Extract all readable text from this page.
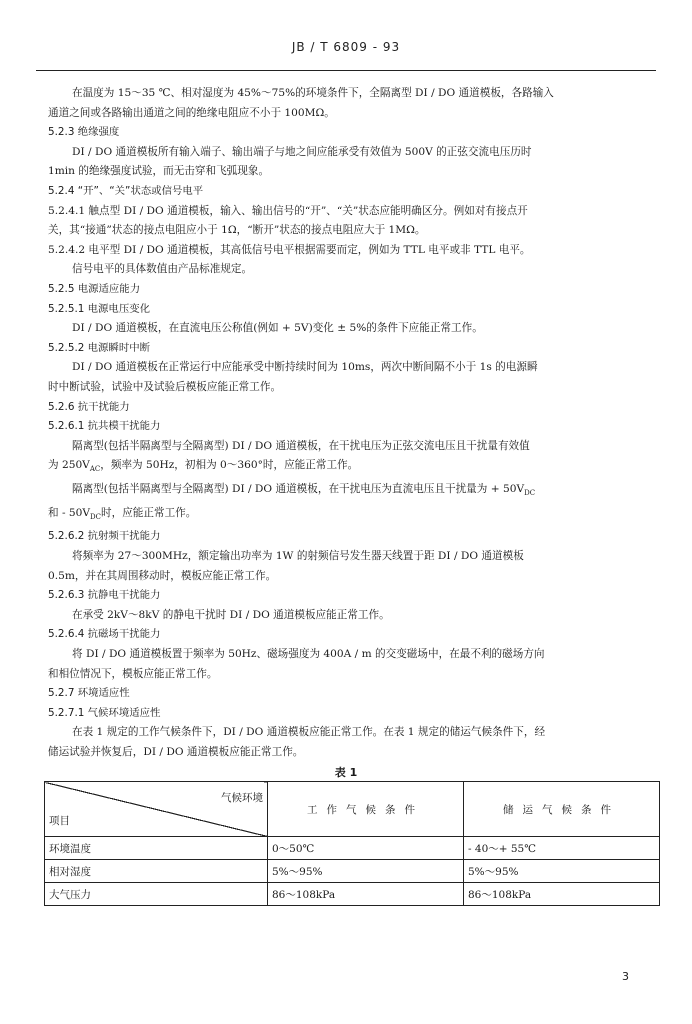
JB / T 6809 - 93

在温度为 15～35 ℃、相对湿度为 45%～75%的环境条件下，全隔离型 DI / DO 通道模板，各路输入

通道之间或各路输出通道之间的绝缘电阻应不小于 100MΩ。

5.2.3 绝缘强度

DI / DO 通道模板所有输入端子、输出端子与地之间应能承受有效值为 500V 的正弦交流电压历时

1min 的绝缘强度试验，而无击穿和飞弧现象。

5.2.4 “开”、“关”状态或信号电平

5.2.4.1 触点型 DI / DO 通道模板，输入、输出信号的“开”、“关”状态应能明确区分。例如对有接点开

关，其“接通”状态的接点电阻应小于 1Ω，“断开”状态的接点电阻应大于 1MΩ。

5.2.4.2 电平型 DI / DO 通道模板，其高低信号电平根据需要而定，例如为 TTL 电平或非 TTL 电平。

信号电平的具体数值由产品标准规定。

5.2.5 电源适应能力

5.2.5.1 电源电压变化

DI / DO 通道模板，在直流电压公称值(例如 + 5V)变化 ± 5%的条件下应能正常工作。

5.2.5.2 电源瞬时中断

DI / DO 通道模板在正常运行中应能承受中断持续时间为 10ms，两次中断间隔不小于 1s 的电源瞬

时中断试验，试验中及试验后模板应能正常工作。

5.2.6 抗干扰能力

5.2.6.1 抗共模干扰能力

隔离型(包括半隔离型与全隔离型) DI / DO 通道模板，在干扰电压为正弦交流电压且干扰量有效值

为 $250V_{AC}$，频率为 50Hz，初相为 0～360°时，应能正常工作。

隔离型(包括半隔离型与全隔离型) DI / DO 通道模板，在干扰电压为直流电压且干扰量为 + $50V_{DC}$

和 - $50V_{DC}$时，应能正常工作。

5.2.6.2 抗射频干扰能力

将频率为 27～300MHz，额定输出功率为 1W 的射频信号发生器天线置于距 DI / DO 通道模板

0.5m，并在其周围移动时，模板应能正常工作。

5.2.6.3 抗静电干扰能力

在承受 2kV～8kV 的静电干扰时 DI / DO 通道模板应能正常工作。

5.2.6.4 抗磁场干扰能力

将 DI / DO 通道模板置于频率为 50Hz、磁场强度为 400A / m 的交变磁场中，在最不利的磁场方向

和相位情况下，模板应能正常工作。

5.2.7 环境适应性

5.2.7.1 气候环境适应性

在表 1 规定的工作气候条件下，DI / DO 通道模板应能正常工作。在表 1 规定的储运气候条件下，经

储运试验并恢复后，DI / DO 通道模板应能正常工作。

表 1
气候环境
项目	工作气候条件	储运气候条件
环境温度	0～50℃	- 40～+ 55℃
相对湿度	5%～95%	5%～95%
大气压力	86～108kPa	86～108kPa
3
